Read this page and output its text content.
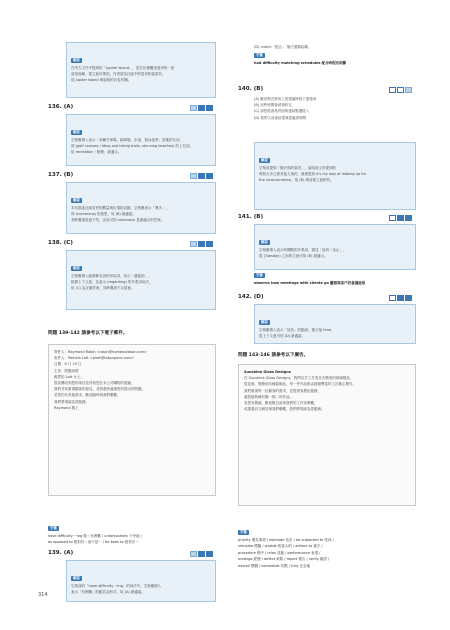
解說

在考古文件中提到的「Jupiter Island」，是位於佛羅里達州的一座

富裕島嶼，從文意可推知，作者認為社區中的居民相當富有，

故 Jupiter Island 與說明的內容有關。

136. (A)
解說

空格應填入表示「高爾夫球場、網球場、步道、游泳池等」設施的名詞，

即 (golf courses, riding and hiking trails, stunning beaches) 的上位詞，

故 recreation「娛樂」最適合。

137. (B)
解說

本句描述社區居民的數量與出現的活動，空格應表示「眾多」，

即 (numerous) 的意思，故 (B) 最適當。

其餘選項語意不符，由此可知 numerous 是最適合的答案。

138. (C)
解說

空格應填入能修飾名詞的形容詞，表示「適當的」，

根據上下文意，為表示 (regarding) 的介系詞用法，

故 (C) 為正確答案，其餘選項不合語意。

問題 139-142 請參考以下電子郵件。

寄件人：Raymond Ralph <ralph@homeoutdoor.com>

收件人：Pamela Lott <plott@tobyspace.com>

日期：6 月 19 日

主旨：問題詢問

親愛的 Lott 女士，

很高興收到您的來信並得知您在本公司購物的經驗，

我們非常重視顧客的意見，並將盡快處理您所提出的問題。

若您仍有其他需求，歡迎隨時與我們聯繫，

我們將竭誠為您服務。

Raymond 敬上

字彙

have difficulty ~ing 做～有困難 / unfortunately 不幸地 /

as opposed to 相對於～而不是～ / be keen to 熱衷於～

139. (A)
解說

空格前的「have difficulty ~ing」的用法中，空格應填入

表示「有困難」的動名詞形式，故 (A) 最適當。

314
(D) match「配合」 無法通順結構。
字彙
had difficulty matching schedules 配合時程有困難
140. (B)

(A) 應用程式使用上的建議時段下達搜尋

(B) 這些時間會被預約完

(C) 請您從會員頁面的連結點選進入

(D) 我們人員會致電與您確認時間

解說

空格前提到「無法預約原因」，說明前文所提到的

時段大多已被其他人預約，最後提到 it's my way of making up for

the inconvenience，故 (B) 與前後文意相符。

141. (B)
解說

空格應填入表示時間點的介系詞，描述「直到～為止」，

從 (Tuesday) 之前的文意可知 (B) 最適合。

字彙
observe how meetings with clients go 觀察與客戶的會議進展
142. (D)
解說

空格應填入表示「延長」的動詞，後方接 time，

從上下文意可知 (D) 最適當。

問題 143-146 請參考以下廣告。

Sunshine Glass Designs

在 Sunshine Glass Designs，我們以手工打造各式精美的玻璃製品，

從花瓶、燈飾到各種裝飾品，每一件作品都由經驗豐富的工匠精心製作。

我們重視每一位顧客的需求，並提供客製化服務，

讓您能夠擁有獨一無二的作品。

若您有興趣，歡迎親自前來我們的工作室參觀，

或透過官方網站與我們聯繫，我們將竭誠為您服務。

字彙

priority 優先事項 / estimate 估計 / be subjected to 受到 /

simulate 模擬 / sizable 相當大的 / adhere to 遵守 /

procedure 程序 / relax 放鬆 / performance 表現 /

undergo 經歷 / defect 缺陷 / report 報告 / verify 確認 /

overall 整體 / somewhat 有點 / fully 完全地
